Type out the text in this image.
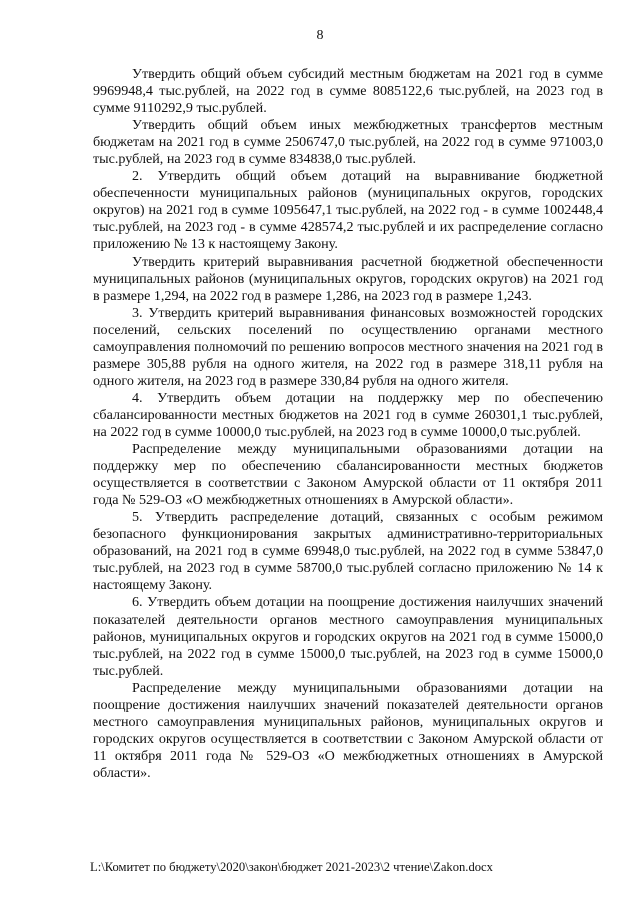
8

Утвердить общий объем субсидий местным бюджетам на 2021 год в сумме 9969948,4 тыс.рублей, на 2022 год в сумме 8085122,6 тыс.рублей, на 2023 год в сумме 9110292,9 тыс.рублей.

Утвердить общий объем иных межбюджетных трансфертов местным бюджетам на 2021 год в сумме 2506747,0 тыс.рублей, на 2022 год в сумме 971003,0 тыс.рублей, на 2023 год в сумме 834838,0 тыс.рублей.

2. Утвердить общий объем дотаций на выравнивание бюджетной обеспеченности муниципальных районов (муниципальных округов, городских округов) на 2021 год в сумме 1095647,1 тыс.рублей, на 2022 год - в сумме 1002448,4 тыс.рублей, на 2023 год - в сумме 428574,2 тыс.рублей и их распределение согласно приложению № 13 к настоящему Закону.

Утвердить критерий выравнивания расчетной бюджетной обеспеченности муниципальных районов (муниципальных округов, городских округов) на 2021 год в размере 1,294, на 2022 год в размере 1,286, на 2023 год в размере 1,243.

3. Утвердить критерий выравнивания финансовых возможностей городских поселений, сельских поселений по осуществлению органами местного самоуправления полномочий по решению вопросов местного значения на 2021 год в размере 305,88 рубля на одного жителя, на 2022 год в размере 318,11 рубля на одного жителя, на 2023 год в размере 330,84 рубля на одного жителя.

4. Утвердить объем дотации на поддержку мер по обеспечению сбалансированности местных бюджетов на 2021 год в сумме 260301,1 тыс.рублей, на 2022 год в сумме 10000,0 тыс.рублей, на 2023 год в сумме 10000,0 тыс.рублей.

Распределение между муниципальными образованиями дотации на поддержку мер по обеспечению сбалансированности местных бюджетов осуществляется в соответствии с Законом Амурской области от 11 октября 2011 года № 529-ОЗ «О межбюджетных отношениях в Амурской области».

5. Утвердить распределение дотаций, связанных с особым режимом безопасного функционирования закрытых административно-территориальных образований, на 2021 год в сумме 69948,0 тыс.рублей, на 2022 год в сумме 53847,0 тыс.рублей, на 2023 год в сумме 58700,0 тыс.рублей согласно приложению № 14 к настоящему Закону.

6. Утвердить объем дотации на поощрение достижения наилучших значений показателей деятельности органов местного самоуправления муниципальных районов, муниципальных округов и городских округов на 2021 год в сумме 15000,0 тыс.рублей, на 2022 год в сумме 15000,0 тыс.рублей, на 2023 год в сумме 15000,0 тыс.рублей.

Распределение между муниципальными образованиями дотации на поощрение достижения наилучших значений показателей деятельности органов местного самоуправления муниципальных районов, муниципальных округов и городских округов осуществляется в соответствии с Законом Амурской области от 11 октября 2011 года № 529-ОЗ «О межбюджетных отношениях в Амурской области».

L:\Комитет по бюджету\2020\закон\бюджет 2021-2023\2 чтение\Zakon.docx
